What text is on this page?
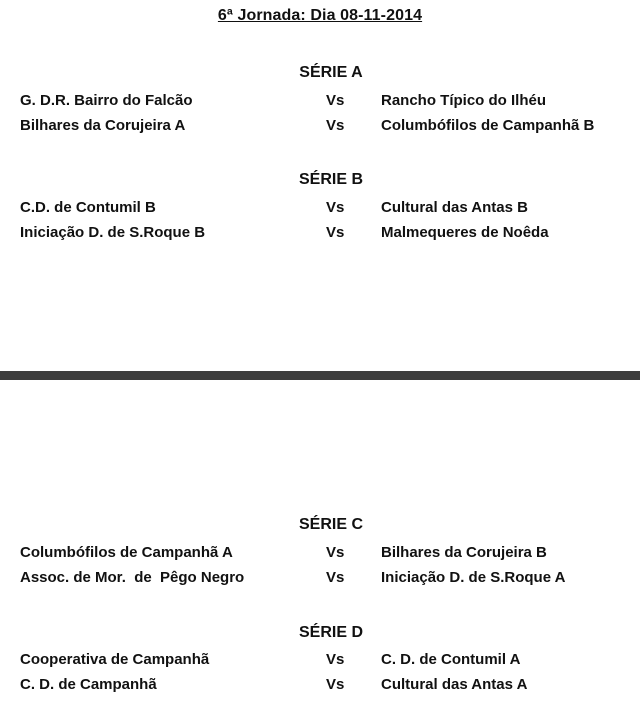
6ª Jornada: Dia 08-11-2014
SÉRIE A
G. D.R. Bairro do Falcão	Vs Rancho Típico do Ilhéu
Bilhares da Corujeira A	Vs Columbófilos de Campanhã B
SÉRIE B
C.D. de Contumil B	Vs Cultural das Antas B
Iniciação D. de S.Roque B	Vs Malmequeres de Noêda
SÉRIE C
Columbófilos de Campanhã A	Vs Bilhares da Corujeira B
Assoc. de Mor.  de  Pêgo Negro	Vs Iniciação D. de S.Roque A
SÉRIE D
Cooperativa de Campanhã	Vs C. D. de Contumil A
C. D. de Campanhã	Vs Cultural das Antas A
